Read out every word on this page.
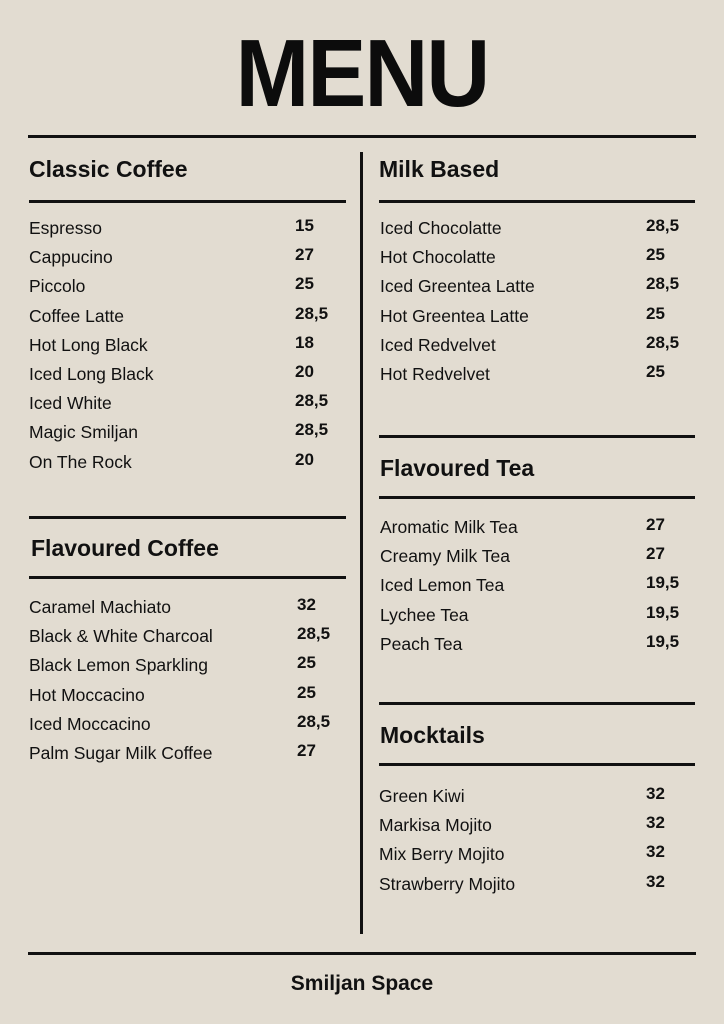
MENU
Classic Coffee
Espresso	15
Cappucino	27
Piccolo	25
Coffee Latte	28,5
Hot Long Black	18
Iced Long Black	20
Iced White	28,5
Magic Smiljan	28,5
On The Rock	20
Flavoured Coffee
Caramel Machiato	32
Black & White Charcoal	28,5
Black Lemon Sparkling	25
Hot Moccacino	25
Iced Moccacino	28,5
Palm Sugar Milk Coffee	27
Milk Based
Iced Chocolatte	28,5
Hot Chocolatte	25
Iced Greentea Latte	28,5
Hot Greentea Latte	25
Iced Redvelvet	28,5
Hot Redvelvet	25
Flavoured Tea
Aromatic Milk Tea	27
Creamy Milk Tea	27
Iced Lemon Tea	19,5
Lychee Tea	19,5
Peach Tea	19,5
Mocktails
Green Kiwi	32
Markisa Mojito	32
Mix Berry Mojito	32
Strawberry Mojito	32
Smiljan Space
